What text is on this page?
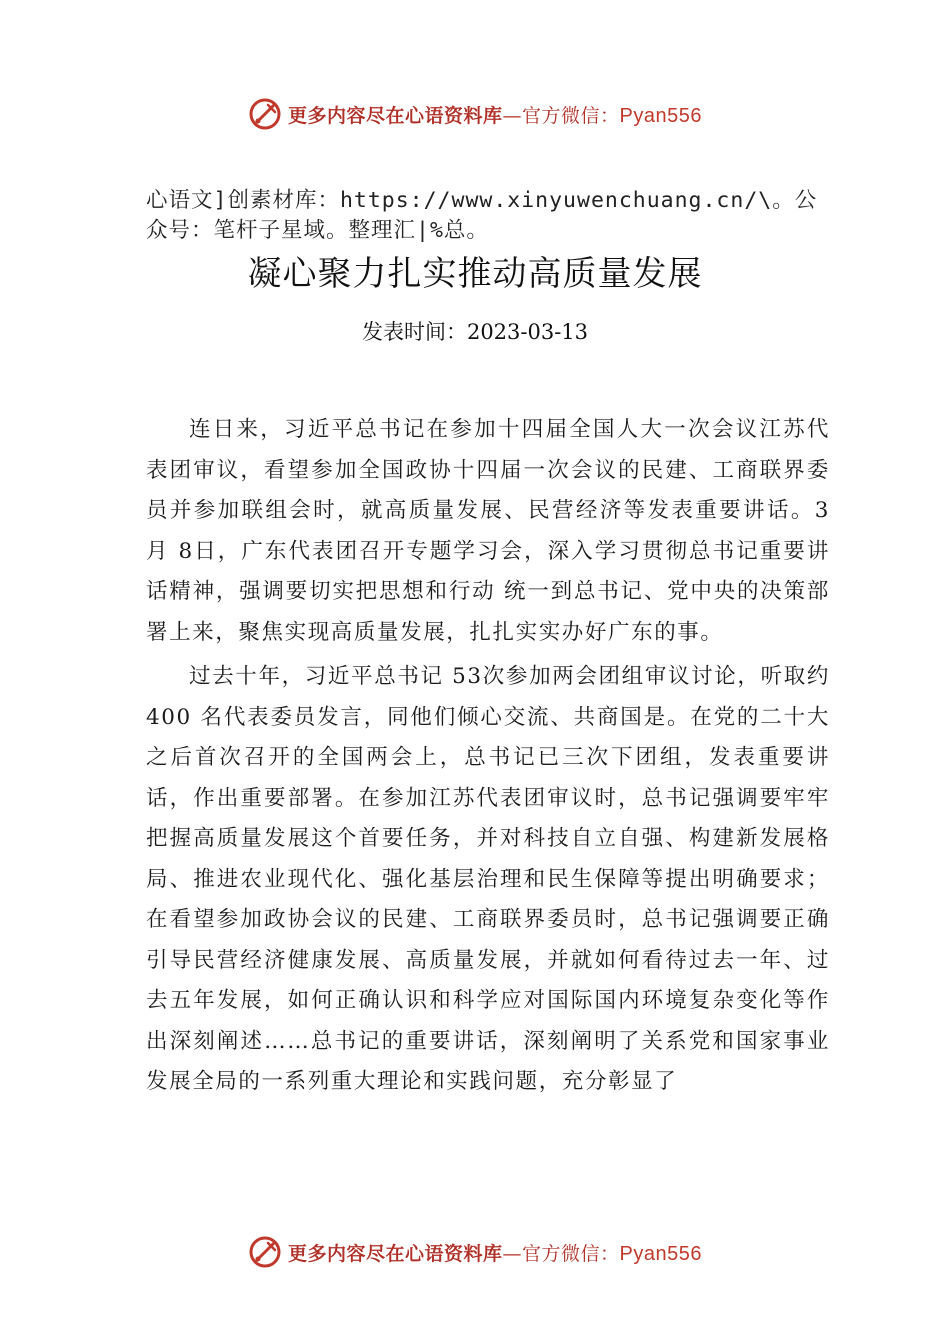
更多内容尽在心语资料库—官方微信：Pyan556
心语文]创素材库：https://www.xinyuwenchuang.cn/\。公众号：笔杆子星域。整理汇|%总。
凝心聚力扎实推动高质量发展
发表时间：2023-03-13

连日来，习近平总书记在参加十四届全国人大一次会议江苏代表团审议，看望参加全国政协十四届一次会议的民建、工商联界委员并参加联组会时，就高质量发展、民营经济等发表重要讲话。3月 8日，广东代表团召开专题学习会，深入学习贯彻总书记重要讲话精神，强调要切实把思想和行动 统一到总书记、党中央的决策部署上来，聚焦实现高质量发展，扎扎实实办好广东的事。

过去十年，习近平总书记 53次参加两会团组审议讨论，听取约 400 名代表委员发言，同他们倾心交流、共商国是。在党的二十大之后首次召开的全国两会上，总书记已三次下团组，发表重要讲话，作出重要部署。在参加江苏代表团审议时，总书记强调要牢牢把握高质量发展这个首要任务，并对科技自立自强、构建新发展格局、推进农业现代化、强化基层治理和民生保障等提出明确要求；在看望参加政协会议的民建、工商联界委员时，总书记强调要正确引导民营经济健康发展、高质量发展，并就如何看待过去一年、过去五年发展，如何正确认识和科学应对国际国内环境复杂变化等作出深刻阐述……总书记的重要讲话，深刻阐明了关系党和国家事业发展全局的一系列重大理论和实践问题，充分彰显了

更多内容尽在心语资料库—官方微信：Pyan556
